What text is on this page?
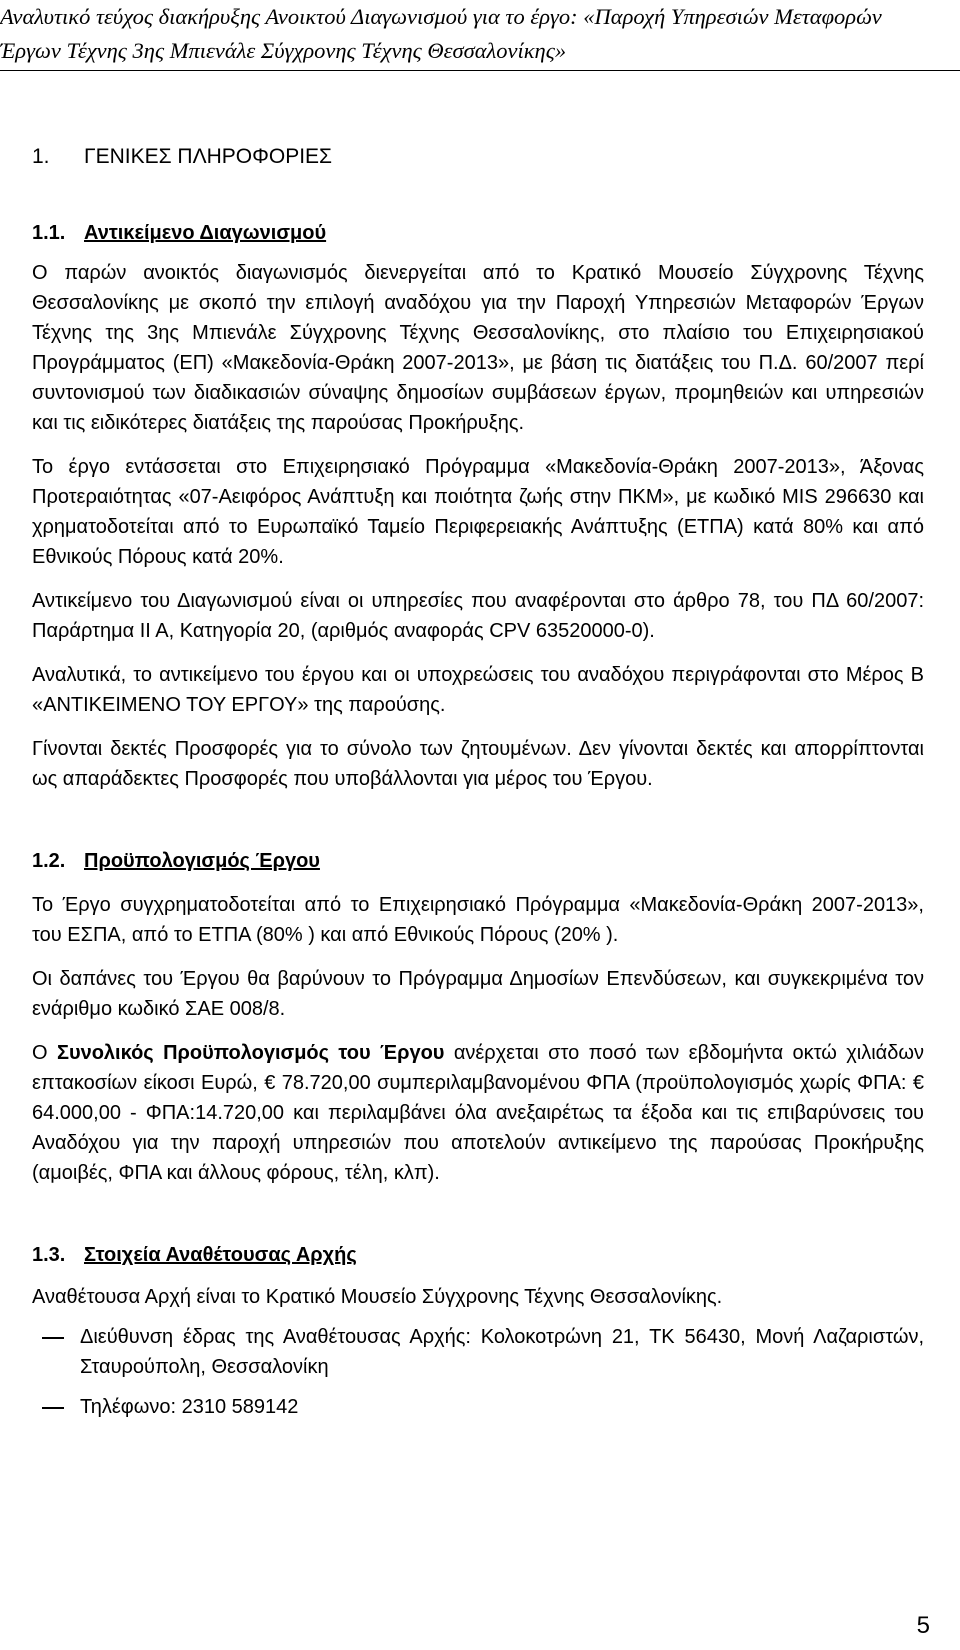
Αναλυτικό τεύχος διακήρυξης Ανοικτού Διαγωνισμού για το έργο: «Παροχή Υπηρεσιών Μεταφορών
Έργων Τέχνης 3ης Μπιενάλε Σύγχρονης Τέχνης Θεσσαλονίκης»
1.	ΓΕΝΙΚΕΣ ΠΛΗΡΟΦΟΡΙΕΣ
1.1. Αντικείμενο Διαγωνισμού

Ο παρών ανοικτός διαγωνισμός διενεργείται από το Κρατικό Μουσείο Σύγχρονης Τέχνης Θεσσαλονίκης με σκοπό την επιλογή αναδόχου για την Παροχή Υπηρεσιών Μεταφορών Έργων Τέχνης της 3ης Μπιενάλε Σύγχρονης Τέχνης Θεσσαλονίκης, στο πλαίσιο του Επιχειρησιακού Προγράμματος (ΕΠ) «Μακεδονία-Θράκη 2007-2013», με βάση τις διατάξεις του Π.Δ. 60/2007 περί συντονισμού των διαδικασιών σύναψης δημοσίων συμβάσεων έργων, προμηθειών και υπηρεσιών και τις ειδικότερες διατάξεις της παρούσας Προκήρυξης.

Το έργο εντάσσεται στο Επιχειρησιακό Πρόγραμμα «Μακεδονία-Θράκη 2007-2013», Άξονας Προτεραιότητας «07-Αειφόρος Ανάπτυξη και ποιότητα ζωής στην ΠΚΜ», με κωδικό MIS 296630 και χρηματοδοτείται από το Ευρωπαϊκό Ταμείο Περιφερειακής Ανάπτυξης (ΕΤΠΑ) κατά 80% και από Εθνικούς Πόρους κατά 20%.

Αντικείμενο του Διαγωνισμού είναι οι υπηρεσίες που αναφέρονται στο άρθρο 78, του ΠΔ 60/2007: Παράρτημα ΙΙ Α, Κατηγορία 20, (αριθμός αναφοράς CPV 63520000-0).

Αναλυτικά, το αντικείμενο του έργου και οι υποχρεώσεις του αναδόχου περιγράφονται στο Μέρος Β «ΑΝΤΙΚΕΙΜΕΝΟ ΤΟΥ ΕΡΓΟΥ» της παρούσης.

Γίνονται δεκτές Προσφορές για το σύνολο των ζητουμένων. Δεν γίνονται δεκτές και απορρίπτονται ως απαράδεκτες Προσφορές που υποβάλλονται για μέρος του Έργου.

1.2. Προϋπολογισμός Έργου

Το Έργο συγχρηματοδοτείται από το Επιχειρησιακό Πρόγραμμα «Μακεδονία-Θράκη 2007-2013», του ΕΣΠΑ, από το ΕΤΠΑ (80% ) και από Εθνικούς Πόρους (20% ).

Οι δαπάνες του Έργου θα βαρύνουν το Πρόγραμμα Δημοσίων Επενδύσεων, και συγκεκριμένα τον ενάριθμο κωδικό ΣΑΕ 008/8.

Ο Συνολικός Προϋπολογισμός του Έργου ανέρχεται στο ποσό των εβδομήντα οκτώ χιλιάδων επτακοσίων είκοσι Ευρώ, € 78.720,00 συμπεριλαμβανομένου ΦΠΑ (προϋπολογισμός χωρίς ΦΠΑ: € 64.000,00 - ΦΠΑ:14.720,00 και περιλαμβάνει όλα ανεξαιρέτως τα έξοδα και τις επιβαρύνσεις του Αναδόχου για την παροχή υπηρεσιών που αποτελούν αντικείμενο της παρούσας Προκήρυξης (αμοιβές, ΦΠΑ και άλλους φόρους, τέλη, κλπ).

1.3. Στοιχεία Αναθέτουσας Αρχής

Αναθέτουσα Αρχή είναι το Κρατικό Μουσείο Σύγχρονης Τέχνης Θεσσαλονίκης.

Διεύθυνση έδρας της Αναθέτουσας Αρχής: Κολοκοτρώνη 21, ΤΚ 56430, Μονή Λαζαριστών, Σταυρούπολη, Θεσσαλονίκη
Τηλέφωνο: 2310 589142
5
